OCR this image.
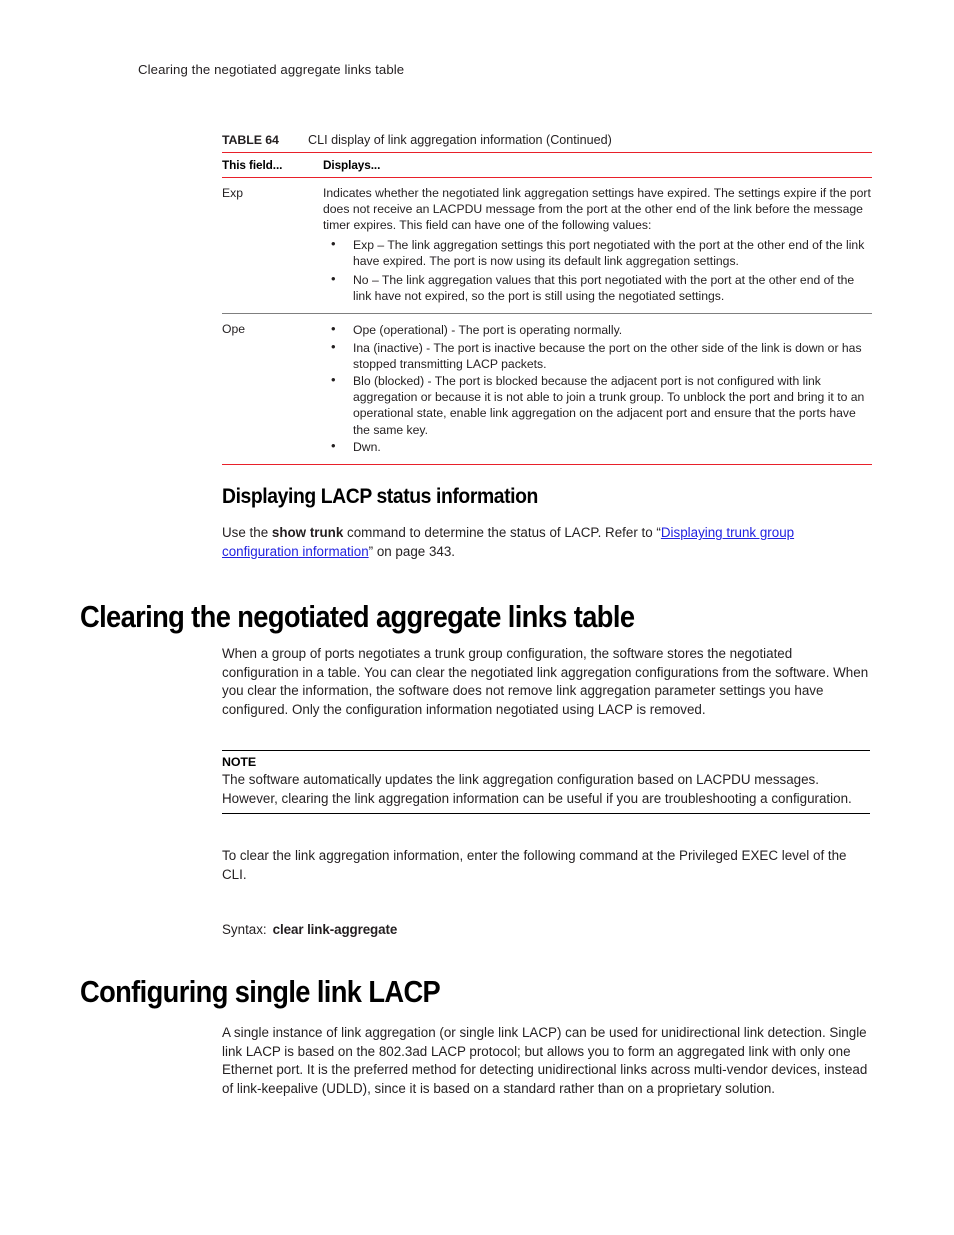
Clearing the negotiated aggregate links table
TABLE 64 CLI display of link aggregation information (Continued)
This field...	Displays...
Exp	Indicates whether the negotiated link aggregation settings have expired. The settings expire if the port does not receive an LACPDU message from the port at the other end of the link before the message timer expires. This field can have one of the following values:

• Exp – The link aggregation settings this port negotiated with the port at the other end of the link have expired. The port is now using its default link aggregation settings.
• No – The link aggregation values that this port negotiated with the port at the other end of the link have not expired, so the port is still using the negotiated settings.
Ope	• Ope (operational) - The port is operating normally.
• Ina (inactive) - The port is inactive because the port on the other side of the link is down or has stopped transmitting LACP packets.
• Blo (blocked) - The port is blocked because the adjacent port is not configured with link aggregation or because it is not able to join a trunk group. To unblock the port and bring it to an operational state, enable link aggregation on the adjacent port and ensure that the ports have the same key.
• Dwn.
Displaying LACP status information
Use the show trunk command to determine the status of LACP. Refer to “Displaying trunk group configuration information” on page 343.
Clearing the negotiated aggregate links table
When a group of ports negotiates a trunk group configuration, the software stores the negotiated configuration in a table. You can clear the negotiated link aggregation configurations from the software. When you clear the information, the software does not remove link aggregation parameter settings you have configured. Only the configuration information negotiated using LACP is removed.
NOTE
The software automatically updates the link aggregation configuration based on LACPDU messages. However, clearing the link aggregation information can be useful if you are troubleshooting a configuration.
To clear the link aggregation information, enter the following command at the Privileged EXEC level of the CLI.
Syntax: clear link-aggregate
Configuring single link LACP
A single instance of link aggregation (or single link LACP) can be used for unidirectional link detection. Single link LACP is based on the 802.3ad LACP protocol; but allows you to form an aggregated link with only one Ethernet port. It is the preferred method for detecting unidirectional links across multi-vendor devices, instead of link-keepalive (UDLD), since it is based on a standard rather than on a proprietary solution.
